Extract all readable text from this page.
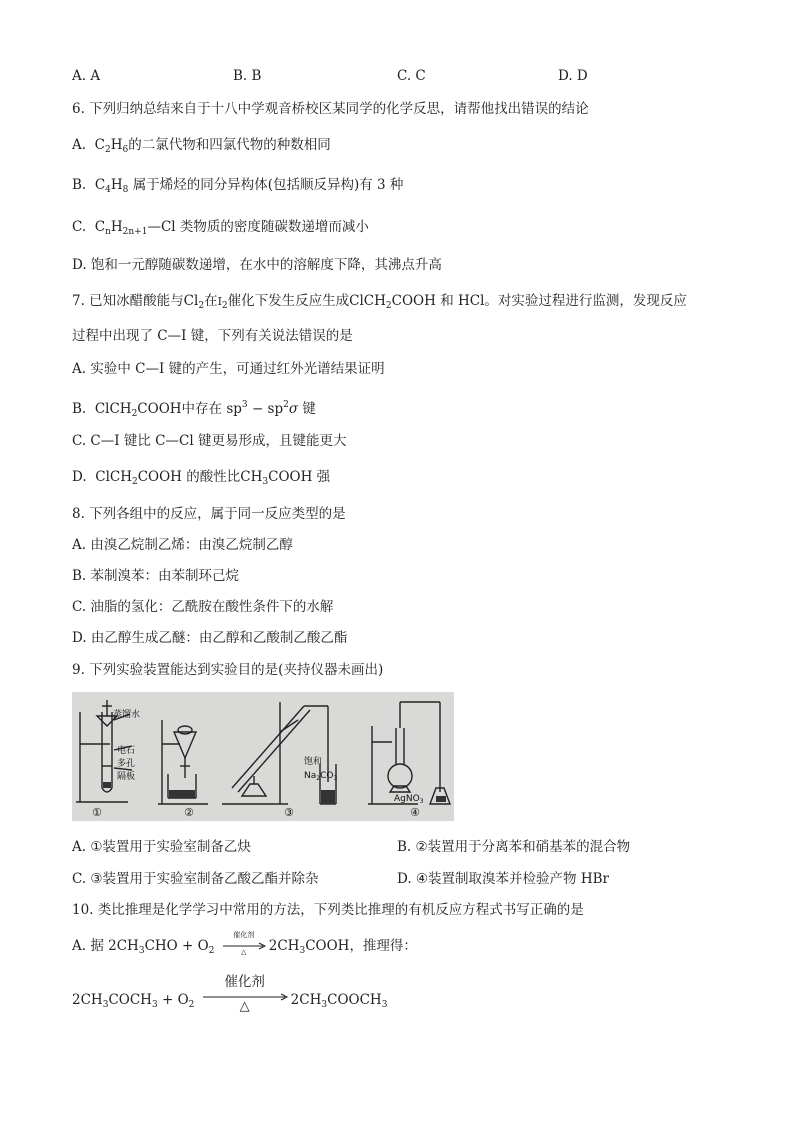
A. A	B. B	C. C	D. D
6. 下列归纳总结来自于十八中学观音桥校区某同学的化学反思，请帮他找出错误的结论
A. $C_2H_6$的二氯代物和四氯代物的种数相同
B. $C_4H_8$ 属于烯烃的同分异构体(包括顺反异构)有 3 种
C. $C_nH_{2n+1}—Cl$ 类物质的密度随碳数递增而减小
D. 饱和一元醇随碳数递增，在水中的溶解度下降，其沸点升高
7. 已知冰醋酸能与$Cl_2$在$I_2$催化下发生反应生成ClCH$_2$COOH 和 HCl。对实验过程进行监测，发现反应
过程中出现了 C—I 键，下列有关说法错误的是
A. 实验中 C—I 键的产生，可通过红外光谱结果证明
B. ClCH$_2$COOH中存在 $sp^3 - sp^2\sigma$ 键
C. C—I 键比 C—Cl 键更易形成，且键能更大
D. ClCH$_2$COOH 的酸性比$CH_3COOH$ 强
8. 下列各组中的反应，属于同一反应类型的是
A. 由溴乙烷制乙烯：由溴乙烷制乙醇
B. 苯制溴苯：由苯制环己烷
C. 油脂的氢化：乙酰胺在酸性条件下的水解
D. 由乙醇生成乙醚：由乙醇和乙酸制乙酸乙酯
9. 下列实验装置能达到实验目的是(夹持仪器未画出)
蒸馏水
电石
多孔
隔板
饱和
$Na_2CO_3$
AgNO$_3$
①	②	③	④
A. ①装置用于实验室制备乙炔	B. ②装置用于分离苯和硝基苯的混合物
C. ③装置用于实验室制备乙酸乙酯并除杂	D. ④装置制取溴苯并检验产物 HBr
10. 类比推理是化学学习中常用的方法，下列类比推理的有机反应方程式书写正确的是
A. 据 $2CH_3CHO + O_2$
催化剂
△	$2CH_3COOH$，推理得：
$2CH_3COCH_3 + O_2$
催化剂
△	$2CH_3COOCH_3$
